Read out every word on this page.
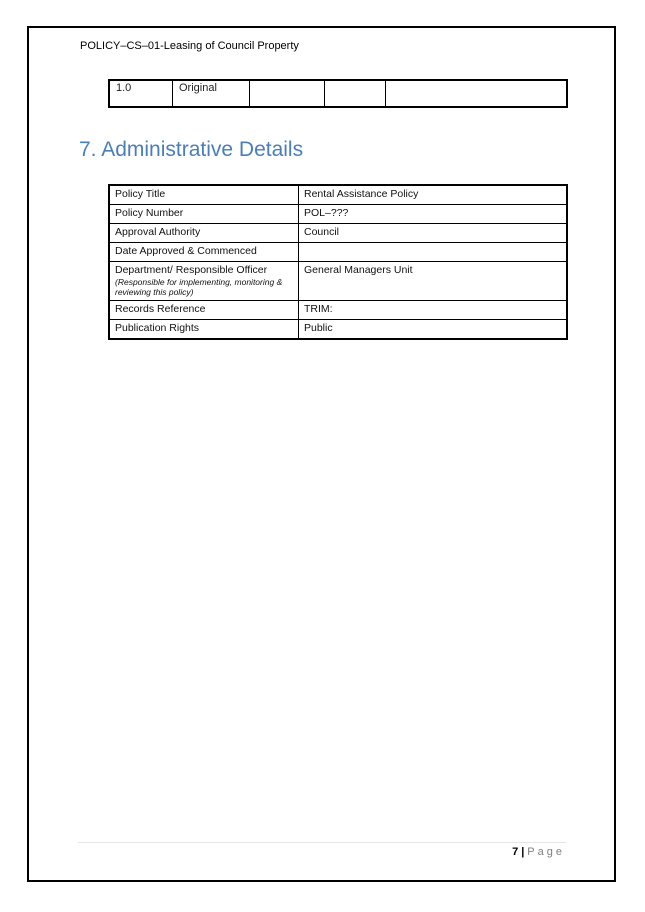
POLICY–CS–01-Leasing of Council Property
1.0	Original			
7. Administrative Details
Policy Title	Rental Assistance Policy
Policy Number	POL–???
Approval Authority	Council
Date Approved & Commenced	
Department/ Responsible Officer
(Responsible for implementing, monitoring & reviewing this policy)	General Managers Unit
Records Reference	TRIM:
Publication Rights	Public
7 | Page
